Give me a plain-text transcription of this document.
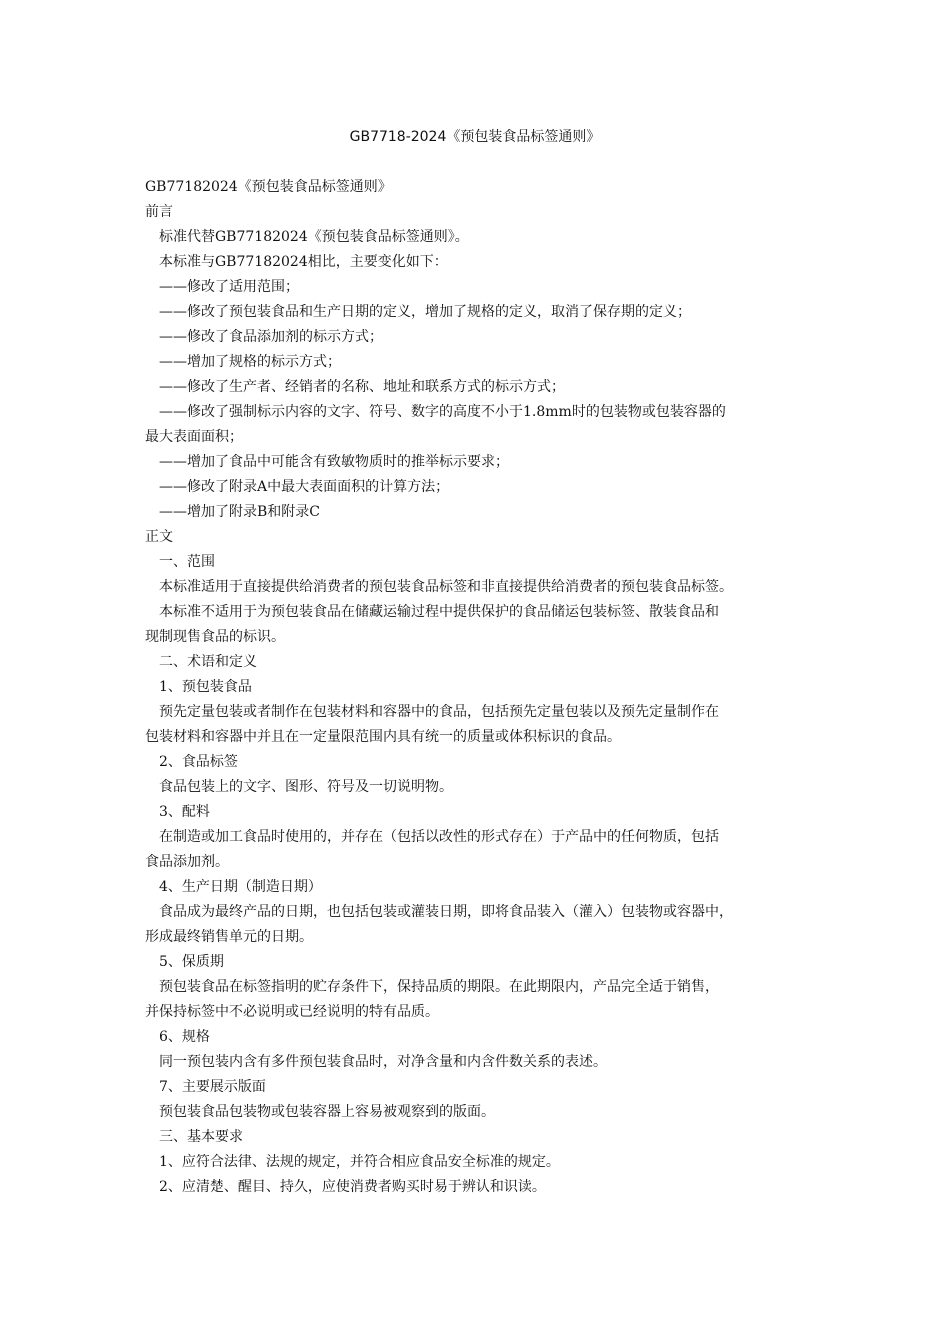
GB7718-2024《预包装食品标签通则》
GB77182024《预包装食品标签通则》
前言
标准代替GB77182024《预包装食品标签通则》。
本标准与GB77182024相比，主要变化如下：
——修改了适用范围；
——修改了预包装食品和生产日期的定义，增加了规格的定义，取消了保存期的定义；
——修改了食品添加剂的标示方式；
——增加了规格的标示方式；
——修改了生产者、经销者的名称、地址和联系方式的标示方式；
——修改了强制标示内容的文字、符号、数字的高度不小于1.8mm时的包装物或包装容器的
最大表面面积；
——增加了食品中可能含有致敏物质时的推举标示要求；
——修改了附录A中最大表面面积的计算方法；
——增加了附录B和附录C
正文
一、范围
本标准适用于直接提供给消费者的预包装食品标签和非直接提供给消费者的预包装食品标签。
本标准不适用于为预包装食品在储藏运输过程中提供保护的食品储运包装标签、散装食品和
现制现售食品的标识。
二、术语和定义
1、预包装食品
预先定量包装或者制作在包装材料和容器中的食品，包括预先定量包装以及预先定量制作在
包装材料和容器中并且在一定量限范围内具有统一的质量或体积标识的食品。
2、食品标签
食品包装上的文字、图形、符号及一切说明物。
3、配料
在制造或加工食品时使用的，并存在（包括以改性的形式存在）于产品中的任何物质，包括
食品添加剂。
4、生产日期（制造日期）
食品成为最终产品的日期，也包括包装或灌装日期，即将食品装入（灌入）包装物或容器中，
形成最终销售单元的日期。
5、保质期
预包装食品在标签指明的贮存条件下，保持品质的期限。在此期限内，产品完全适于销售，
并保持标签中不必说明或已经说明的特有品质。
6、规格
同一预包装内含有多件预包装食品时，对净含量和内含件数关系的表述。
7、主要展示版面
预包装食品包装物或包装容器上容易被观察到的版面。
三、基本要求
1、应符合法律、法规的规定，并符合相应食品安全标准的规定。
2、应清楚、醒目、持久，应使消费者购买时易于辨认和识读。
